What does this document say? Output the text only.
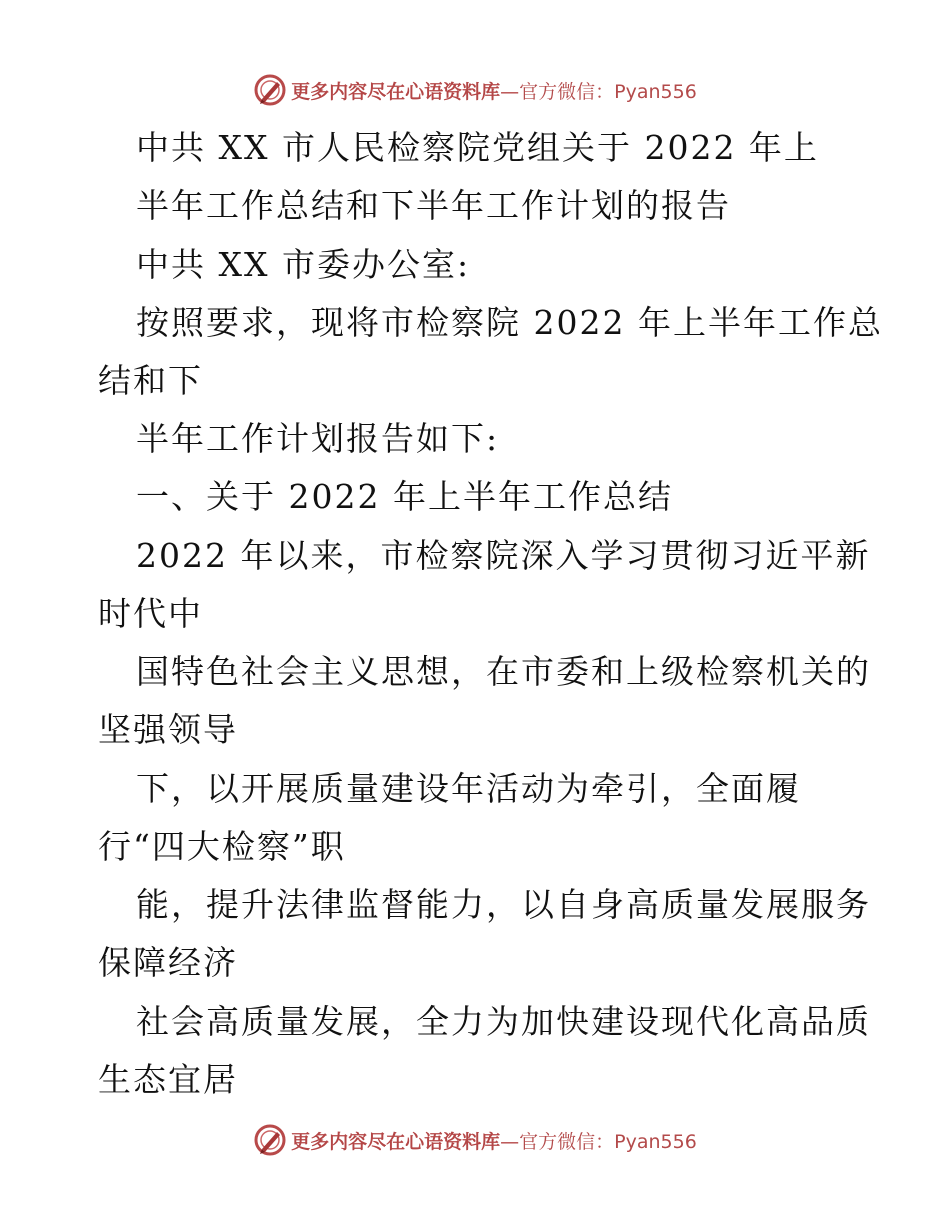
更多内容尽在心语资料库—官方微信：Pyan556
中共 XX 市人民检察院党组关于 2022 年上
半年工作总结和下半年工作计划的报告
中共 XX 市委办公室:
按照要求，现将市检察院 2022 年上半年工作总
结和下
半年工作计划报告如下:
一、关于 2022 年上半年工作总结
2022 年以来，市检察院深入学习贯彻习近平新
时代中
国特色社会主义思想，在市委和上级检察机关的
坚强领导
下，以开展质量建设年活动为牵引，全面履
行“四大检察”职
能，提升法律监督能力，以自身高质量发展服务
保障经济
社会高质量发展，全力为加快建设现代化高品质
生态宜居
更多内容尽在心语资料库—官方微信：Pyan556
